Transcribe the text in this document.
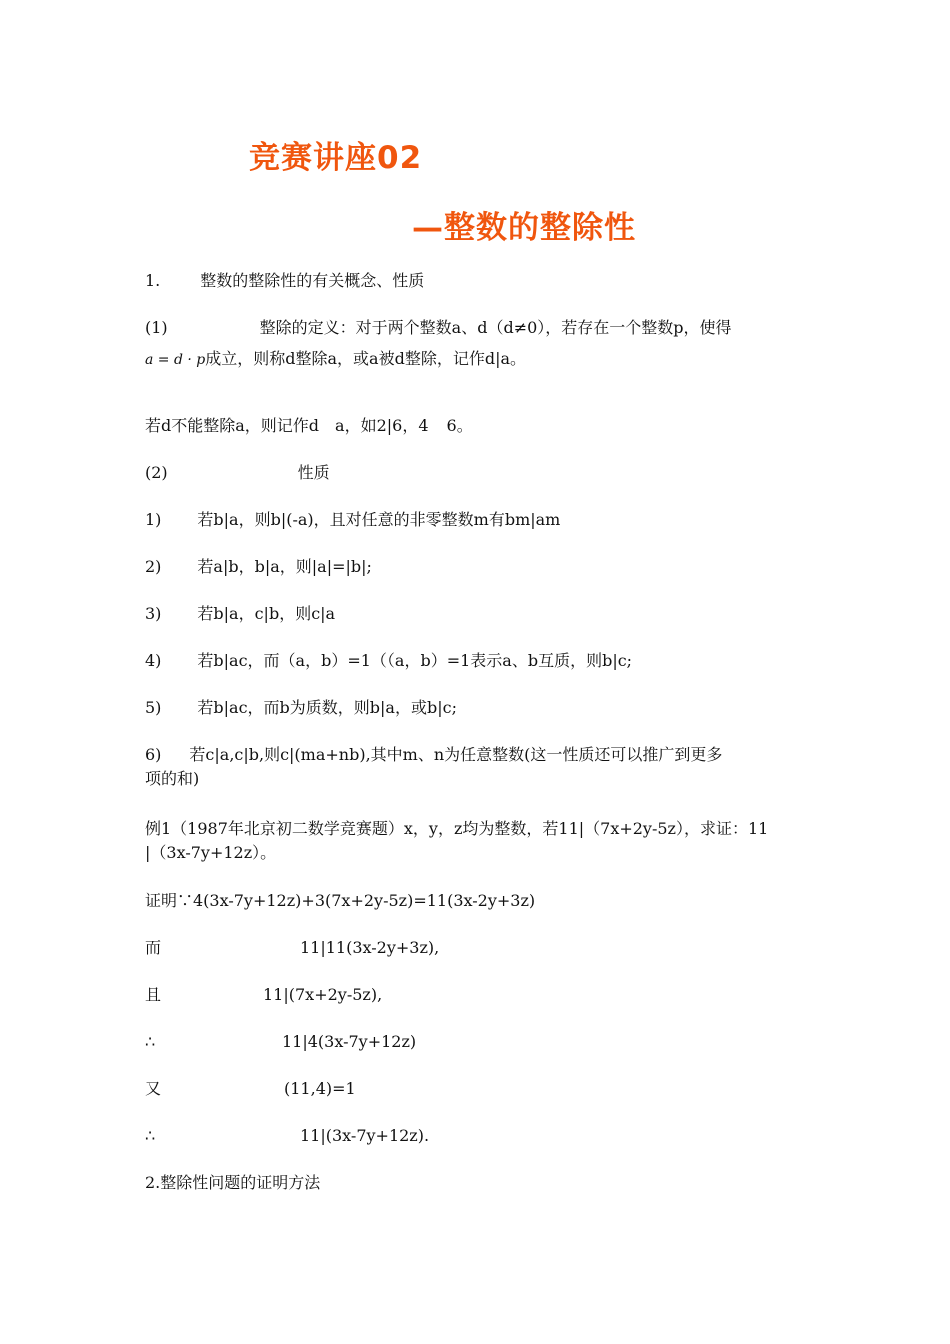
竞赛讲座02
—整数的整除性
1.	整数的整除性的有关概念、性质
(1)	整除的定义：对于两个整数a、d（d≠0），若存在一个整数p，使得
a = d · p成立，则称d整除a，或a被d整除，记作d|a。
若d不能整除a，则记作d a，如2|6，4 6。
(2)	性质
1) 若b|a，则b|(-a)，且对任意的非零整数m有bm|am
2) 若a|b，b|a，则|a|=|b|;
3) 若b|a，c|b，则c|a
4) 若b|ac，而（a，b）=1（（a，b）=1表示a、b互质，则b|c;
5) 若b|ac，而b为质数，则b|a，或b|c;
6) 若c|a,c|b,则c|(ma+nb),其中m、n为任意整数(这一性质还可以推广到更多
项的和)
例1（1987年北京初二数学竞赛题）x，y，z均为整数，若11|（7x+2y-5z），求证：11
|（3x-7y+12z）。
证明∵4(3x-7y+12z)+3(7x+2y-5z)=11(3x-2y+3z)
而	11|11(3x-2y+3z),
且	11|(7x+2y-5z),
∴	11|4(3x-7y+12z)
又	(11,4)=1
∴	11|(3x-7y+12z).
2.整除性问题的证明方法
